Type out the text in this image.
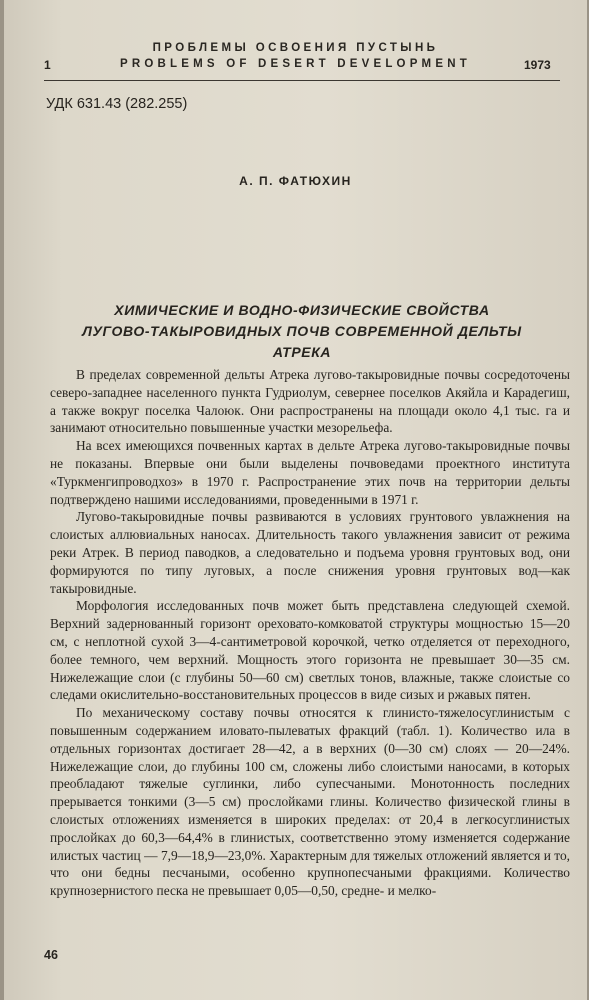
ПРОБЛЕМЫ ОСВОЕНИЯ ПУСТЫНЬ
1	PROBLEMS OF DESERT DEVELOPMENT	1973
УДК 631.43 (282.255)
А. П. ФАТЮХИН
ХИМИЧЕСКИЕ И ВОДНО-ФИЗИЧЕСКИЕ СВОЙСТВА
ЛУГОВО-ТАКЫРОВИДНЫХ ПОЧВ СОВРЕМЕННОЙ ДЕЛЬТЫ
АТРЕКА

В пределах современной дельты Атрека лугово-такыровидные почвы сосредоточены северо-западнее населенного пункта Гудриолум, севернее поселков Акяйла и Карадегиш, а также вокруг поселка Чалоюк. Они распространены на площади около 4,1 тыс. га и занимают относительно повышенные участки мезорельефа.

На всех имеющихся почвенных картах в дельте Атрека лугово-такыровидные почвы не показаны. Впервые они были выделены почвоведами проектного института «Туркменгипроводхоз» в 1970 г. Распространение этих почв на территории дельты подтверждено нашими исследованиями, проведенными в 1971 г.

Лугово-такыровидные почвы развиваются в условиях грунтового увлажнения на слоистых аллювиальных наносах. Длительность такого увлажнения зависит от режима реки Атрек. В период паводков, а следовательно и подъема уровня грунтовых вод, они формируются по типу луговых, а после снижения уровня грунтовых вод—как такыровидные.

Морфология исследованных почв может быть представлена следующей схемой. Верхний задернованный горизонт ореховато-комковатой структуры мощностью 15—20 см, с неплотной сухой 3—4-сантиметровой корочкой, четко отделяется от переходного, более темного, чем верхний. Мощность этого горизонта не превышает 30—35 см. Нижележащие слои (с глубины 50—60 см) светлых тонов, влажные, также слоистые со следами окислительно-восстановительных процессов в виде сизых и ржавых пятен.

По механическому составу почвы относятся к глинисто-тяжелосуглинистым с повышенным содержанием иловато-пылеватых фракций (табл. 1). Количество ила в отдельных горизонтах достигает 28—42, а в верхних (0—30 см) слоях — 20—24%. Нижележащие слои, до глубины 100 см, сложены либо слоистыми наносами, в которых преобладают тяжелые суглинки, либо супесчаными. Монотонность последних прерывается тонкими (3—5 см) прослойками глины. Количество физической глины в слоистых отложениях изменяется в широких пределах: от 20,4 в легкосуглинистых прослойках до 60,3—64,4% в глинистых, соответственно этому изменяется содержание илистых частиц — 7,9—18,9—23,0%. Характерным для тяжелых отложений является и то, что они бедны песчаными, особенно крупнопесчаными фракциями. Количество крупнозернистого песка не превышает 0,05—0,50, средне- и мелко-

46
